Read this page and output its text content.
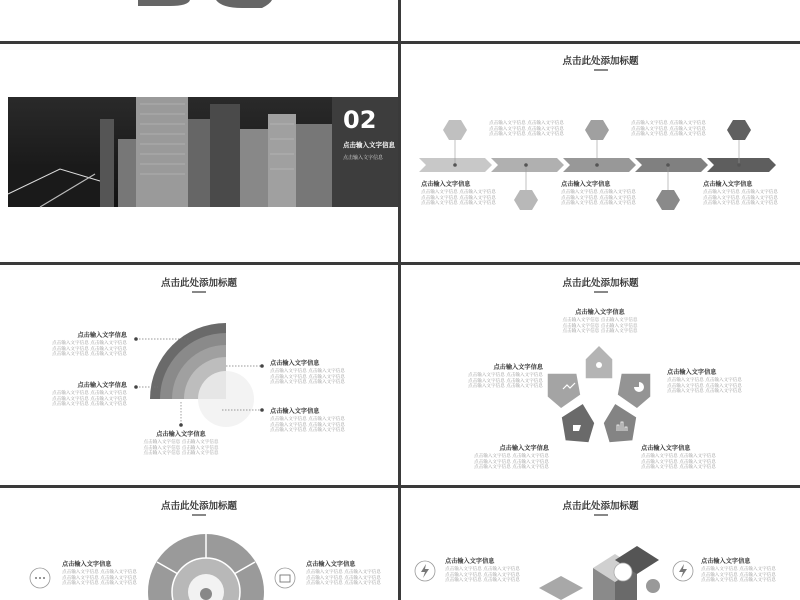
02
点击输入文字信息
点击输入文字信息
点击此处添加标题
点击输入文字信息 点击输入文字信息
点击输入文字信息 点击输入文字信息
点击输入文字信息 点击输入文字信息
点击输入文字信息 点击输入文字信息
点击输入文字信息 点击输入文字信息
点击输入文字信息 点击输入文字信息
点击输入文字信息
点击输入文字信息 点击输入文字信息
点击输入文字信息 点击输入文字信息
点击输入文字信息 点击输入文字信息
点击输入文字信息
点击输入文字信息 点击输入文字信息
点击输入文字信息 点击输入文字信息
点击输入文字信息 点击输入文字信息
点击输入文字信息
点击输入文字信息 点击输入文字信息
点击输入文字信息 点击输入文字信息
点击输入文字信息 点击输入文字信息
点击此处添加标题
点击输入文字信息
点击输入文字信息 点击输入文字信息
点击输入文字信息 点击输入文字信息
点击输入文字信息 点击输入文字信息
点击输入文字信息
点击输入文字信息 点击输入文字信息
点击输入文字信息 点击输入文字信息
点击输入文字信息 点击输入文字信息
点击输入文字信息
点击输入文字信息 点击输入文字信息
点击输入文字信息 点击输入文字信息
点击输入文字信息 点击输入文字信息
点击输入文字信息
点击输入文字信息 点击输入文字信息
点击输入文字信息 点击输入文字信息
点击输入文字信息 点击输入文字信息
点击输入文字信息
点击输入文字信息 点击输入文字信息
点击输入文字信息 点击输入文字信息
点击输入文字信息 点击输入文字信息
点击此处添加标题
点击输入文字信息
点击输入文字信息 点击输入文字信息
点击输入文字信息 点击输入文字信息
点击输入文字信息 点击输入文字信息
点击输入文字信息
点击输入文字信息 点击输入文字信息
点击输入文字信息 点击输入文字信息
点击输入文字信息 点击输入文字信息
点击输入文字信息
点击输入文字信息 点击输入文字信息
点击输入文字信息 点击输入文字信息
点击输入文字信息 点击输入文字信息
点击输入文字信息
点击输入文字信息 点击输入文字信息
点击输入文字信息 点击输入文字信息
点击输入文字信息 点击输入文字信息
点击输入文字信息
点击输入文字信息 点击输入文字信息
点击输入文字信息 点击输入文字信息
点击输入文字信息 点击输入文字信息
点击此处添加标题
点击输入文字信息
点击输入文字信息 点击输入文字信息
点击输入文字信息 点击输入文字信息
点击输入文字信息 点击输入文字信息
点击输入文字信息
点击输入文字信息 点击输入文字信息
点击输入文字信息 点击输入文字信息
点击输入文字信息 点击输入文字信息
点击此处添加标题
点击输入文字信息
点击输入文字信息 点击输入文字信息
点击输入文字信息 点击输入文字信息
点击输入文字信息 点击输入文字信息
点击输入文字信息
点击输入文字信息 点击输入文字信息
点击输入文字信息 点击输入文字信息
点击输入文字信息 点击输入文字信息
